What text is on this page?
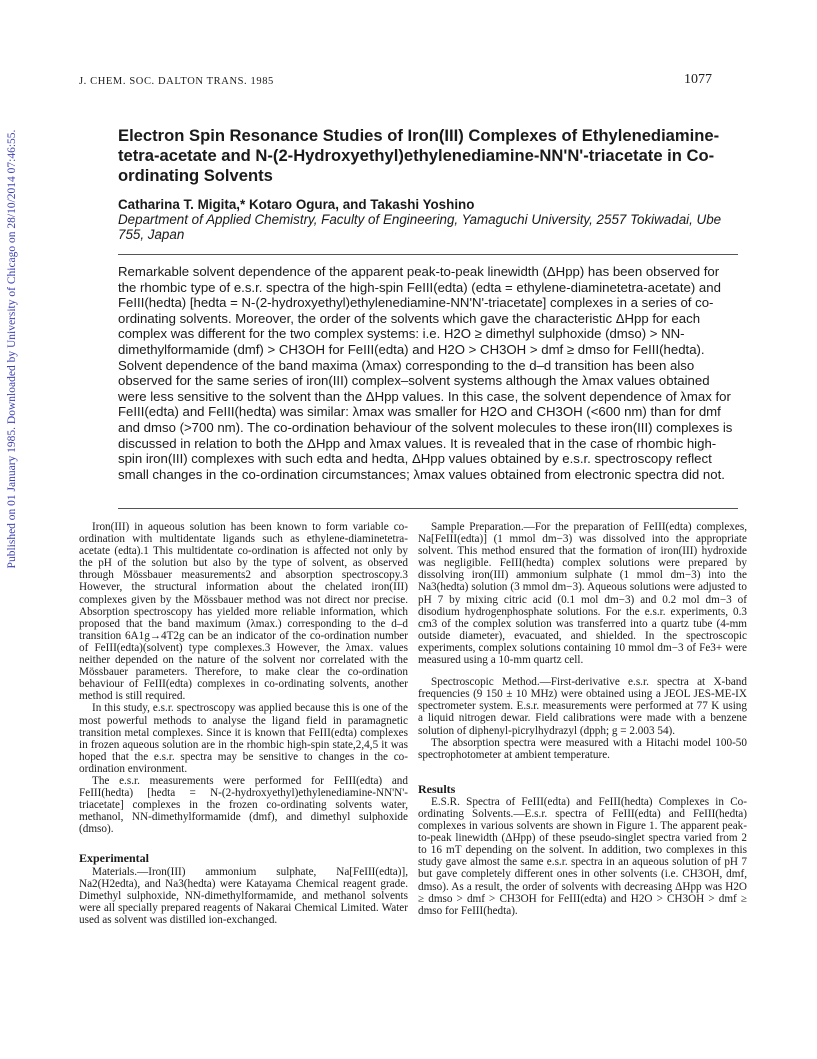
Published on 01 January 1985. Downloaded by University of Chicago on 28/10/2014 07:46:55.
J. CHEM. SOC. DALTON TRANS. 1985	1077
Electron Spin Resonance Studies of Iron(III) Complexes of Ethylenediamine-tetra-acetate and N-(2-Hydroxyethyl)ethylenediamine-NN'N'-triacetate in Co-ordinating Solvents
Catharina T. Migita,* Kotaro Ogura, and Takashi Yoshino
Department of Applied Chemistry, Faculty of Engineering, Yamaguchi University, 2557 Tokiwadai, Ube 755, Japan

Remarkable solvent dependence of the apparent peak-to-peak linewidth (ΔHpp) has been observed for the rhombic type of e.s.r. spectra of the high-spin FeIII(edta) (edta = ethylene-diaminetetra-acetate) and FeIII(hedta) [hedta = N-(2-hydroxyethyl)ethylenediamine-NN'N'-triacetate] complexes in a series of co-ordinating solvents. Moreover, the order of the solvents which gave the characteristic ΔHpp for each complex was different for the two complex systems: i.e. H2O ≥ dimethyl sulphoxide (dmso) > NN-dimethylformamide (dmf) > CH3OH for FeIII(edta) and H2O > CH3OH > dmf ≥ dmso for FeIII(hedta). Solvent dependence of the band maxima (λmax) corresponding to the d–d transition has been also observed for the same series of iron(III) complex–solvent systems although the λmax values obtained were less sensitive to the solvent than the ΔHpp values. In this case, the solvent dependence of λmax for FeIII(edta) and FeIII(hedta) was similar: λmax was smaller for H2O and CH3OH (<600 nm) than for dmf and dmso (>700 nm). The co-ordination behaviour of the solvent molecules to these iron(III) complexes is discussed in relation to both the ΔHpp and λmax values. It is revealed that in the case of rhombic high-spin iron(III) complexes with such edta and hedta, ΔHpp values obtained by e.s.r. spectroscopy reflect small changes in the co-ordination circumstances; λmax values obtained from electronic spectra did not.

Iron(III) in aqueous solution has been known to form variable co-ordination with multidentate ligands such as ethylene-diaminetetra-acetate (edta).1 This multidentate co-ordination is affected not only by the pH of the solution but also by the type of solvent, as observed through Mössbauer measurements2 and absorption spectroscopy.3 However, the structural information about the chelated iron(III) complexes given by the Mössbauer method was not direct nor precise. Absorption spectroscopy has yielded more reliable information, which proposed that the band maximum (λmax.) corresponding to the d–d transition 6A1g→4T2g can be an indicator of the co-ordination number of FeIII(edta)(solvent) type complexes.3 However, the λmax. values neither depended on the nature of the solvent nor correlated with the Mössbauer parameters. Therefore, to make clear the co-ordination behaviour of FeIII(edta) complexes in co-ordinating solvents, another method is still required.

In this study, e.s.r. spectroscopy was applied because this is one of the most powerful methods to analyse the ligand field in paramagnetic transition metal complexes. Since it is known that FeIII(edta) complexes in frozen aqueous solution are in the rhombic high-spin state,2,4,5 it was hoped that the e.s.r. spectra may be sensitive to changes in the co-ordination environment.

The e.s.r. measurements were performed for FeIII(edta) and FeIII(hedta) [hedta = N-(2-hydroxyethyl)ethylenediamine-NN'N'-triacetate] complexes in the frozen co-ordinating solvents water, methanol, NN-dimethylformamide (dmf), and dimethyl sulphoxide (dmso).

Experimental

Materials.—Iron(III) ammonium sulphate, Na[FeIII(edta)], Na2(H2edta), and Na3(hedta) were Katayama Chemical reagent grade. Dimethyl sulphoxide, NN-dimethylformamide, and methanol solvents were all specially prepared reagents of Nakarai Chemical Limited. Water used as solvent was distilled ion-exchanged.

Sample Preparation.—For the preparation of FeIII(edta) complexes, Na[FeIII(edta)] (1 mmol dm−3) was dissolved into the appropriate solvent. This method ensured that the formation of iron(III) hydroxide was negligible. FeIII(hedta) complex solutions were prepared by dissolving iron(III) ammonium sulphate (1 mmol dm−3) into the Na3(hedta) solution (3 mmol dm−3). Aqueous solutions were adjusted to pH 7 by mixing citric acid (0.1 mol dm−3) and 0.2 mol dm−3 of disodium hydrogenphosphate solutions. For the e.s.r. experiments, 0.3 cm3 of the complex solution was transferred into a quartz tube (4-mm outside diameter), evacuated, and shielded. In the spectroscopic experiments, complex solutions containing 10 mmol dm−3 of Fe3+ were measured using a 10-mm quartz cell.

Spectroscopic Method.—First-derivative e.s.r. spectra at X-band frequencies (9 150 ± 10 MHz) were obtained using a JEOL JES-ME-IX spectrometer system. E.s.r. measurements were performed at 77 K using a liquid nitrogen dewar. Field calibrations were made with a benzene solution of diphenyl-picrylhydrazyl (dpph; g = 2.003 54).

The absorption spectra were measured with a Hitachi model 100-50 spectrophotometer at ambient temperature.

Results

E.S.R. Spectra of FeIII(edta) and FeIII(hedta) Complexes in Co-ordinating Solvents.—E.s.r. spectra of FeIII(edta) and FeIII(hedta) complexes in various solvents are shown in Figure 1. The apparent peak-to-peak linewidth (ΔHpp) of these pseudo-singlet spectra varied from 2 to 16 mT depending on the solvent. In addition, two complexes in this study gave almost the same e.s.r. spectra in an aqueous solution of pH 7 but gave completely different ones in other solvents (i.e. CH3OH, dmf, dmso). As a result, the order of solvents with decreasing ΔHpp was H2O ≥ dmso > dmf > CH3OH for FeIII(edta) and H2O > CH3OH > dmf ≥ dmso for FeIII(hedta).
